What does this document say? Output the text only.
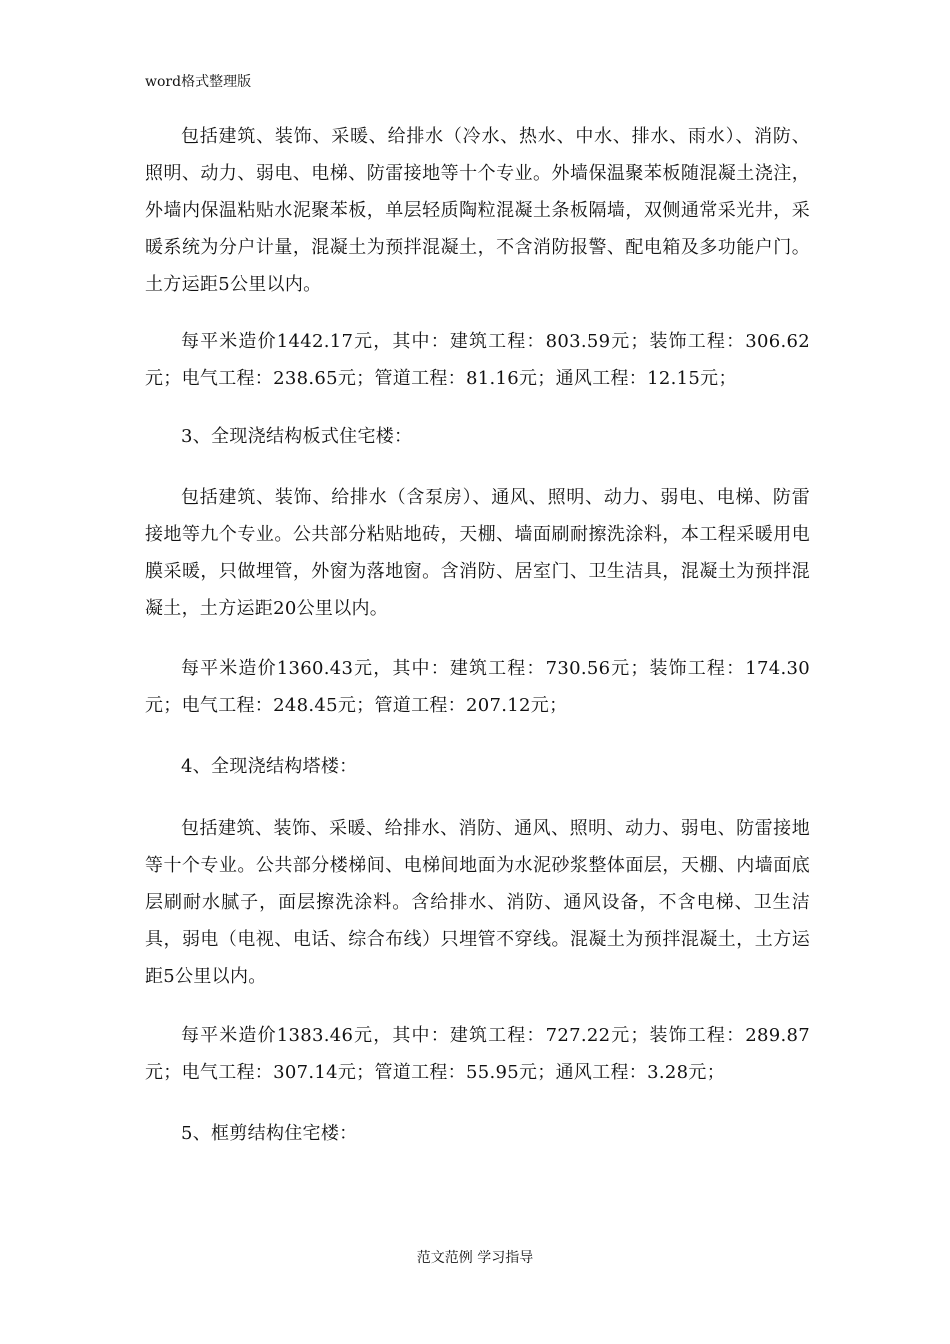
word格式整理版

包括建筑、装饰、采暖、给排水（冷水、热水、中水、排水、雨水）、消防、照明、动力、弱电、电梯、防雷接地等十个专业。外墙保温聚苯板随混凝土浇注，外墙内保温粘贴水泥聚苯板，单层轻质陶粒混凝土条板隔墙，双侧通常采光井，采暖系统为分户计量，混凝土为预拌混凝土，不含消防报警、配电箱及多功能户门。土方运距5公里以内。

每平米造价1442.17元，其中：建筑工程：803.59元；装饰工程：306.62元；电气工程：238.65元；管道工程：81.16元；通风工程：12.15元；

3、全现浇结构板式住宅楼：

包括建筑、装饰、给排水（含泵房）、通风、照明、动力、弱电、电梯、防雷接地等九个专业。公共部分粘贴地砖，天棚、墙面刷耐擦洗涂料，本工程采暖用电膜采暖，只做埋管，外窗为落地窗。含消防、居室门、卫生洁具，混凝土为预拌混凝土，土方运距20公里以内。

每平米造价1360.43元，其中：建筑工程：730.56元；装饰工程：174.30元；电气工程：248.45元；管道工程：207.12元；

4、全现浇结构塔楼：

包括建筑、装饰、采暖、给排水、消防、通风、照明、动力、弱电、防雷接地等十个专业。公共部分楼梯间、电梯间地面为水泥砂浆整体面层，天棚、内墙面底层刷耐水腻子，面层擦洗涂料。含给排水、消防、通风设备，不含电梯、卫生洁具，弱电（电视、电话、综合布线）只埋管不穿线。混凝土为预拌混凝土，土方运距5公里以内。

每平米造价1383.46元，其中：建筑工程：727.22元；装饰工程：289.87元；电气工程：307.14元；管道工程：55.95元；通风工程：3.28元；

5、框剪结构住宅楼：

范文范例 学习指导
